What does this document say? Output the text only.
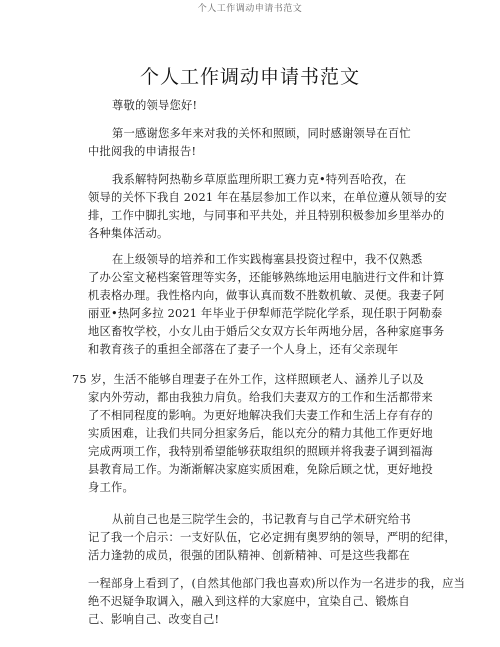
个人工作调动申请书范文
个人工作调动申请书范文
尊敬的领导您好!
第一感谢您多年来对我的关怀和照顾，同时感谢领导在百忙
中批阅我的申请报告!
我系解特阿热勒乡草原监理所职工赛力克•特列吾哈孜，在
领导的关怀下我自 2021 年在基层参加工作以来，在单位遵从领导的安
排，工作中脚扎实地，与同事和平共处，并且特别积极参加乡里举办的
各种集体活动。
在上级领导的培养和工作实践梅塞县投资过程中，我不仅熟悉
了办公室文秘档案管理等实务，还能够熟练地运用电脑进行文件和计算
机表格办理。我性格内向，做事认真而数不胜数机敏、灵便。我妻子阿
丽亚•热阿多拉 2021 年毕业于伊犁师范学院化学系，现任职于阿勒泰
地区畜牧学校，小女儿由于婚后父女双方长年两地分居，各种家庭事务
和教育孩子的重担全部落在了妻子一个人身上，还有父亲现年
75 岁，生活不能够自理妻子在外工作，这样照顾老人、涵养儿子以及
家内外劳动，都由我独力肩负。给我们夫妻双方的工作和生活都带来
了不相同程度的影响。为更好地解决我们夫妻工作和生活上存有存的
实质困难，让我们共同分担家务后，能以充分的精力其他工作更好地
完成两项工作，我特别希望能够获取组织的照顾并将我妻子调到福海
县教育局工作。为渐渐解决家庭实质困难，免除后顾之忧，更好地投
身工作。
从前自己也是三院学生会的，书记教育与自己学术研究给书
记了我一个启示：一支好队伍，它必定拥有奥罗纳的领导，严明的纪律，
活力逢勃的成员，很强的团队精神、创新精神、可是这些我都在
一程部身上看到了，(自然其他部门我也喜欢)所以作为一名进步的我，应当
绝不迟疑争取调入，融入到这样的大家庭中，宜染自己、锻炼自
己、影响自己、改变自己!
